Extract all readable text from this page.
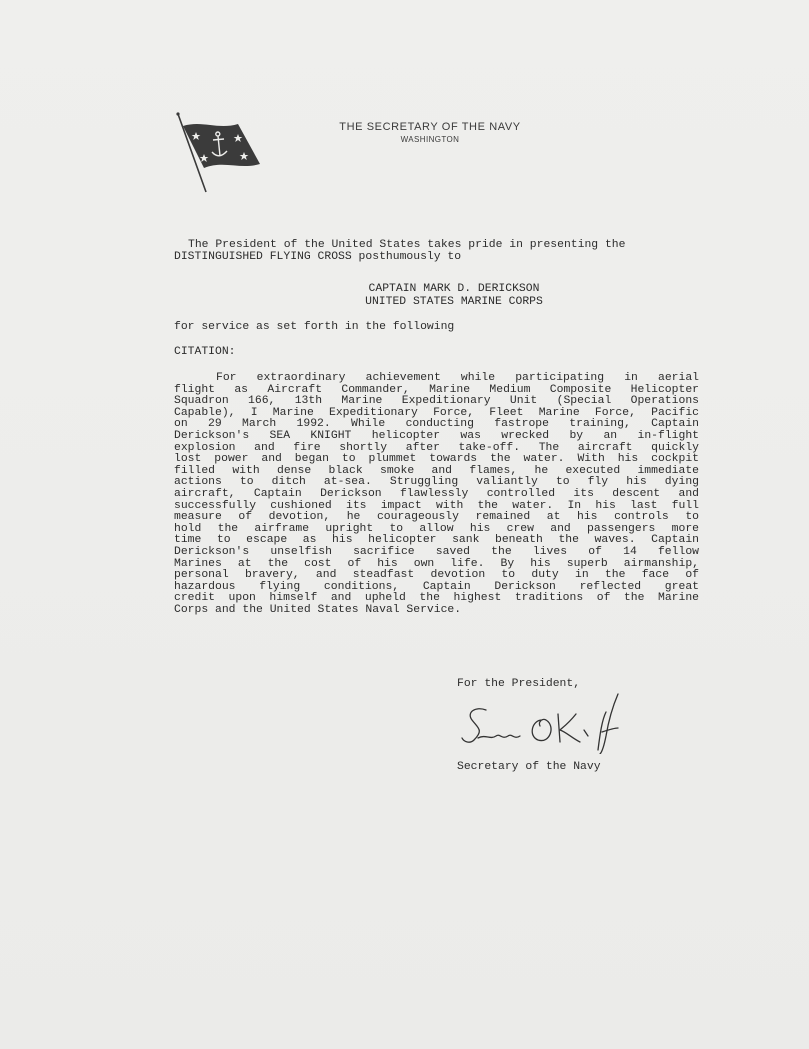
THE SECRETARY OF THE NAVY
WASHINGTON

The President of the United States takes pride in presenting the

DISTINGUISHED FLYING CROSS posthumously to

CAPTAIN MARK D. DERICKSON
UNITED STATES MARINE CORPS

for service as set forth in the following

CITATION:

For extraordinary achievement while participating in aerial
flight as Aircraft Commander, Marine Medium Composite Helicopter
Squadron 166, 13th Marine Expeditionary Unit (Special Operations
Capable), I Marine Expeditionary Force, Fleet Marine Force, Pacific
on 29 March 1992. While conducting fastrope training, Captain
Derickson's SEA KNIGHT helicopter was wrecked by an in-flight
explosion and fire shortly after take-off. The aircraft quickly
lost power and began to plummet towards the water. With his cockpit
filled with dense black smoke and flames, he executed immediate
actions to ditch at-sea. Struggling valiantly to fly his dying
aircraft, Captain Derickson flawlessly controlled its descent and
successfully cushioned its impact with the water. In his last full
measure of devotion, he courageously remained at his controls to
hold the airframe upright to allow his crew and passengers more
time to escape as his helicopter sank beneath the waves. Captain
Derickson's unselfish sacrifice saved the lives of 14 fellow
Marines at the cost of his own life. By his superb airmanship,
personal bravery, and steadfast devotion to duty in the face of
hazardous flying conditions, Captain Derickson reflected great
credit upon himself and upheld the highest traditions of the Marine
Corps and the United States Naval Service.

For the President,

Secretary of the Navy
